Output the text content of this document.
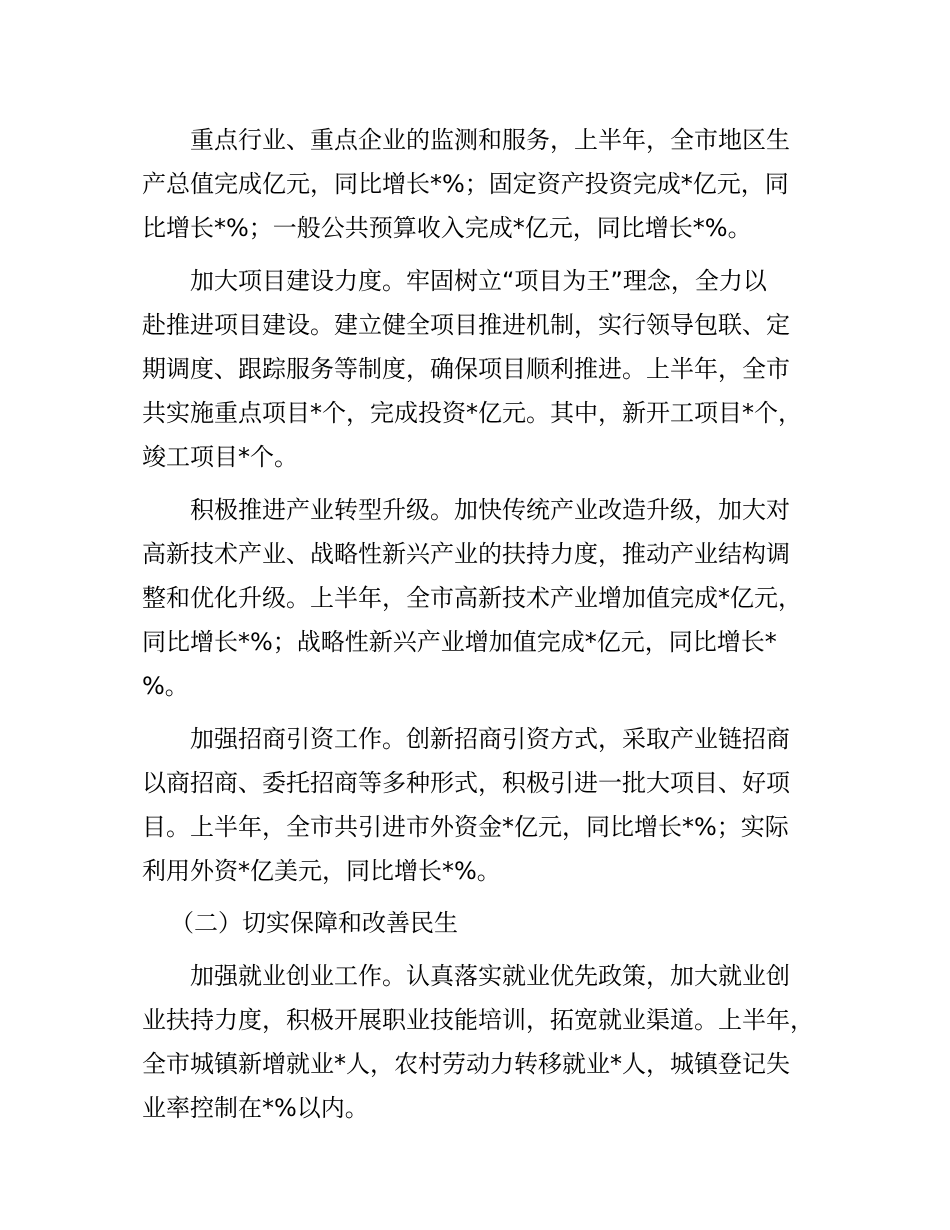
重点行业、重点企业的监测和服务，上半年，全市地区生
产总值完成亿元，同比增长*%；固定资产投资完成*亿元，同
比增长*%；一般公共预算收入完成*亿元，同比增长*%。

加大项目建设力度。牢固树立“项目为王”理念，全力以
赴推进项目建设。建立健全项目推进机制，实行领导包联、定
期调度、跟踪服务等制度，确保项目顺利推进。上半年，全市
共实施重点项目*个，完成投资*亿元。其中，新开工项目*个，
竣工项目*个。

积极推进产业转型升级。加快传统产业改造升级，加大对
高新技术产业、战略性新兴产业的扶持力度，推动产业结构调
整和优化升级。上半年，全市高新技术产业增加值完成*亿元，
同比增长*%；战略性新兴产业增加值完成*亿元，同比增长*
%。

加强招商引资工作。创新招商引资方式，采取产业链招商
以商招商、委托招商等多种形式，积极引进一批大项目、好项
目。上半年，全市共引进市外资金*亿元，同比增长*%；实际
利用外资*亿美元，同比增长*%。

（二）切实保障和改善民生

加强就业创业工作。认真落实就业优先政策，加大就业创
业扶持力度，积极开展职业技能培训，拓宽就业渠道。上半年，
全市城镇新增就业*人，农村劳动力转移就业*人，城镇登记失
业率控制在*%以内。
